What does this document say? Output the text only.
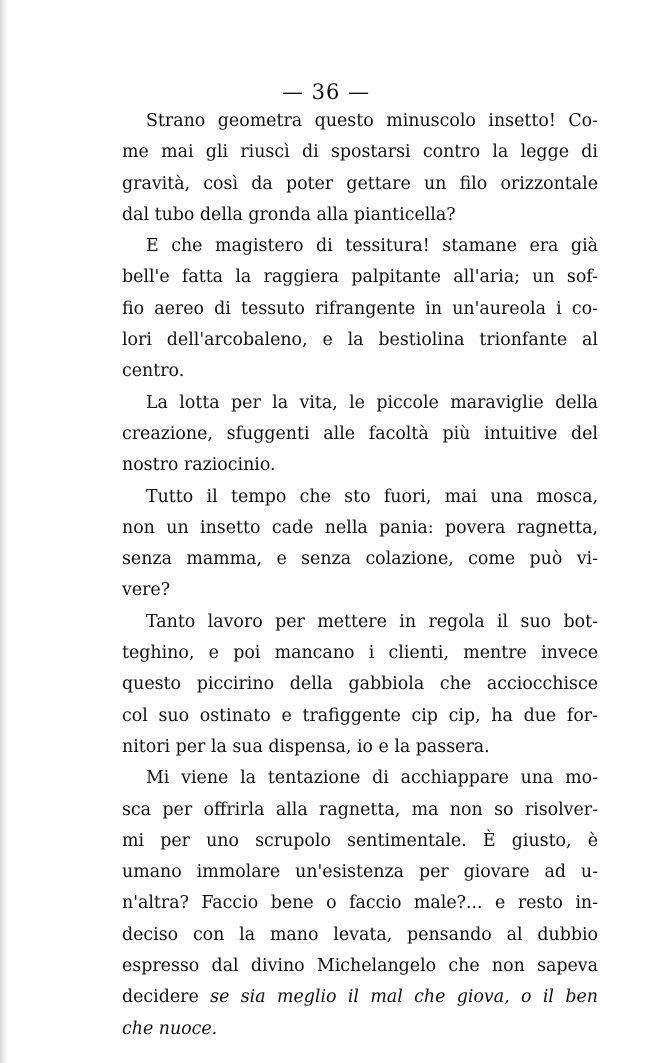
— 36 —
Strano geometra questo minuscolo insetto! Co-
me mai gli riuscì di spostarsi contro la legge di
gravità, così da poter gettare un filo orizzontale
dal tubo della gronda alla pianticella?
E che magistero di tessitura! stamane era già
bell'e fatta la raggiera palpitante all'aria; un sof-
fio aereo di tessuto rifrangente in un'aureola i co-
lori dell'arcobaleno, e la bestiolina trionfante al
centro.
La lotta per la vita, le piccole maraviglie della
creazione, sfuggenti alle facoltà più intuitive del
nostro raziocinio.
Tutto il tempo che sto fuori, mai una mosca,
non un insetto cade nella pania: povera ragnetta,
senza mamma, e senza colazione, come può vi-
vere?
Tanto lavoro per mettere in regola il suo bot-
teghino, e poi mancano i clienti, mentre invece
questo piccirino della gabbiola che acciocchisce
col suo ostinato e trafiggente cip cip, ha due for-
nitori per la sua dispensa, io e la passera.
Mi viene la tentazione di acchiappare una mo-
sca per offrirla alla ragnetta, ma non so risolver-
mi per uno scrupolo sentimentale. È giusto, è
umano immolare un'esistenza per giovare ad u-
n'altra? Faccio bene o faccio male?... e resto in-
deciso con la mano levata, pensando al dubbio
espresso dal divino Michelangelo che non sapeva
decidere se sia meglio il mal che giova, o il ben
che nuoce.
